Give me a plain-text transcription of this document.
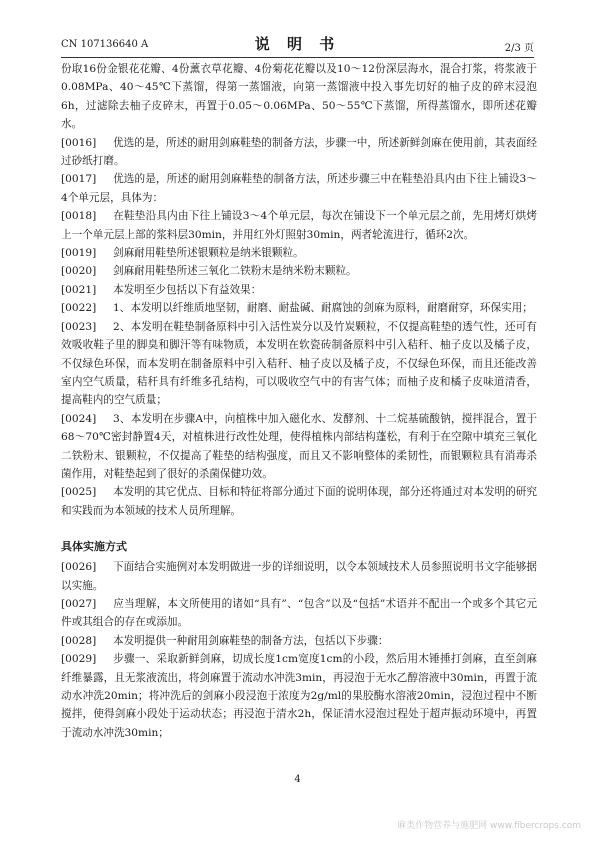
CN 107136640 A	说 明 书	2/3 页

份取16份金银花花瓣、4份薰衣草花瓣、4份菊花花瓣以及10～12份深层海水，混合打浆，将浆液于0.08MPa、40～45℃下蒸馏，得第一蒸馏液，向第一蒸馏液中投入事先切好的柚子皮的碎末浸泡6h，过滤除去柚子皮碎末，再置于0.05～0.06MPa、50～55℃下蒸馏，所得蒸馏水，即所述花瓣水。

[0016] 优选的是，所述的耐用剑麻鞋垫的制备方法，步骤一中，所述新鲜剑麻在使用前，其表面经过砂纸打磨。

[0017] 优选的是，所述的耐用剑麻鞋垫的制备方法，所述步骤三中在鞋垫沿具内由下往上铺设3～4个单元层，具体为：

[0018] 在鞋垫沿具内由下往上铺设3～4个单元层，每次在铺设下一个单元层之前，先用烤灯烘烤上一个单元层上部的浆料层30min，并用红外灯照射30min，两者轮流进行，循环2次。

[0019] 剑麻耐用鞋垫所述银颗粒是纳米银颗粒。

[0020] 剑麻耐用鞋垫所述三氧化二铁粉末是纳米粉末颗粒。

[0021] 本发明至少包括以下有益效果：

[0022] 1、本发明以纤维质地坚韧，耐磨、耐盐碱、耐腐蚀的剑麻为原料，耐磨耐穿，环保实用；

[0023] 2、本发明在鞋垫制备原料中引入活性炭分以及竹炭颗粒，不仅提高鞋垫的透气性，还可有效吸收鞋子里的脚臭和脚汗等有味物质，本发明在软瓷砖制备原料中引入秸秆、柚子皮以及橘子皮，不仅绿色环保，而本发明在制备原料中引入秸秆、柚子皮以及橘子皮，不仅绿色环保，而且还能改善室内空气质量，秸秆具有纤维多孔结构，可以吸收空气中的有害气体；而柚子皮和橘子皮味道清香，提高鞋内的空气质量；

[0024] 3、本发明在步骤A中，向植株中加入磁化水、发酵剂、十二烷基硫酸钠，搅拌混合，置于68～70℃密封静置4天，对植株进行改性处理，使得植株内部结构蓬松，有利于在空隙中填充三氧化二铁粉末、银颗粒，不仅提高了鞋垫的结构强度，而且又不影响整体的柔韧性，而银颗粒具有消毒杀菌作用，对鞋垫起到了很好的杀菌保健功效。

[0025] 本发明的其它优点、目标和特征将部分通过下面的说明体现，部分还将通过对本发明的研究和实践而为本领域的技术人员所理解。

具体实施方式

[0026] 下面结合实施例对本发明做进一步的详细说明，以令本领域技术人员参照说明书文字能够据以实施。

[0027] 应当理解，本文所使用的诸如“具有”、“包含”以及“包括”术语并不配出一个或多个其它元件或其组合的存在或添加。

[0028] 本发明提供一种耐用剑麻鞋垫的制备方法，包括以下步骤：

[0029] 步骤一、采取新鲜剑麻，切成长度1cm宽度1cm的小段，然后用木锤捶打剑麻，直至剑麻纤维暴露，且无浆液流出，将剑麻置于流动水冲洗3min，再浸泡于无水乙醇溶液中30min，再置于流动水冲洗20min；将冲洗后的剑麻小段浸泡于浓度为2g/ml的果胶酶水溶液20min，浸泡过程中不断搅拌，使得剑麻小段处于运动状态；再浸泡于清水2h，保证清水浸泡过程处于超声振动环境中，再置于流动水冲洗30min；

4
麻类作物营养与施肥网 www.fibercrops.com
